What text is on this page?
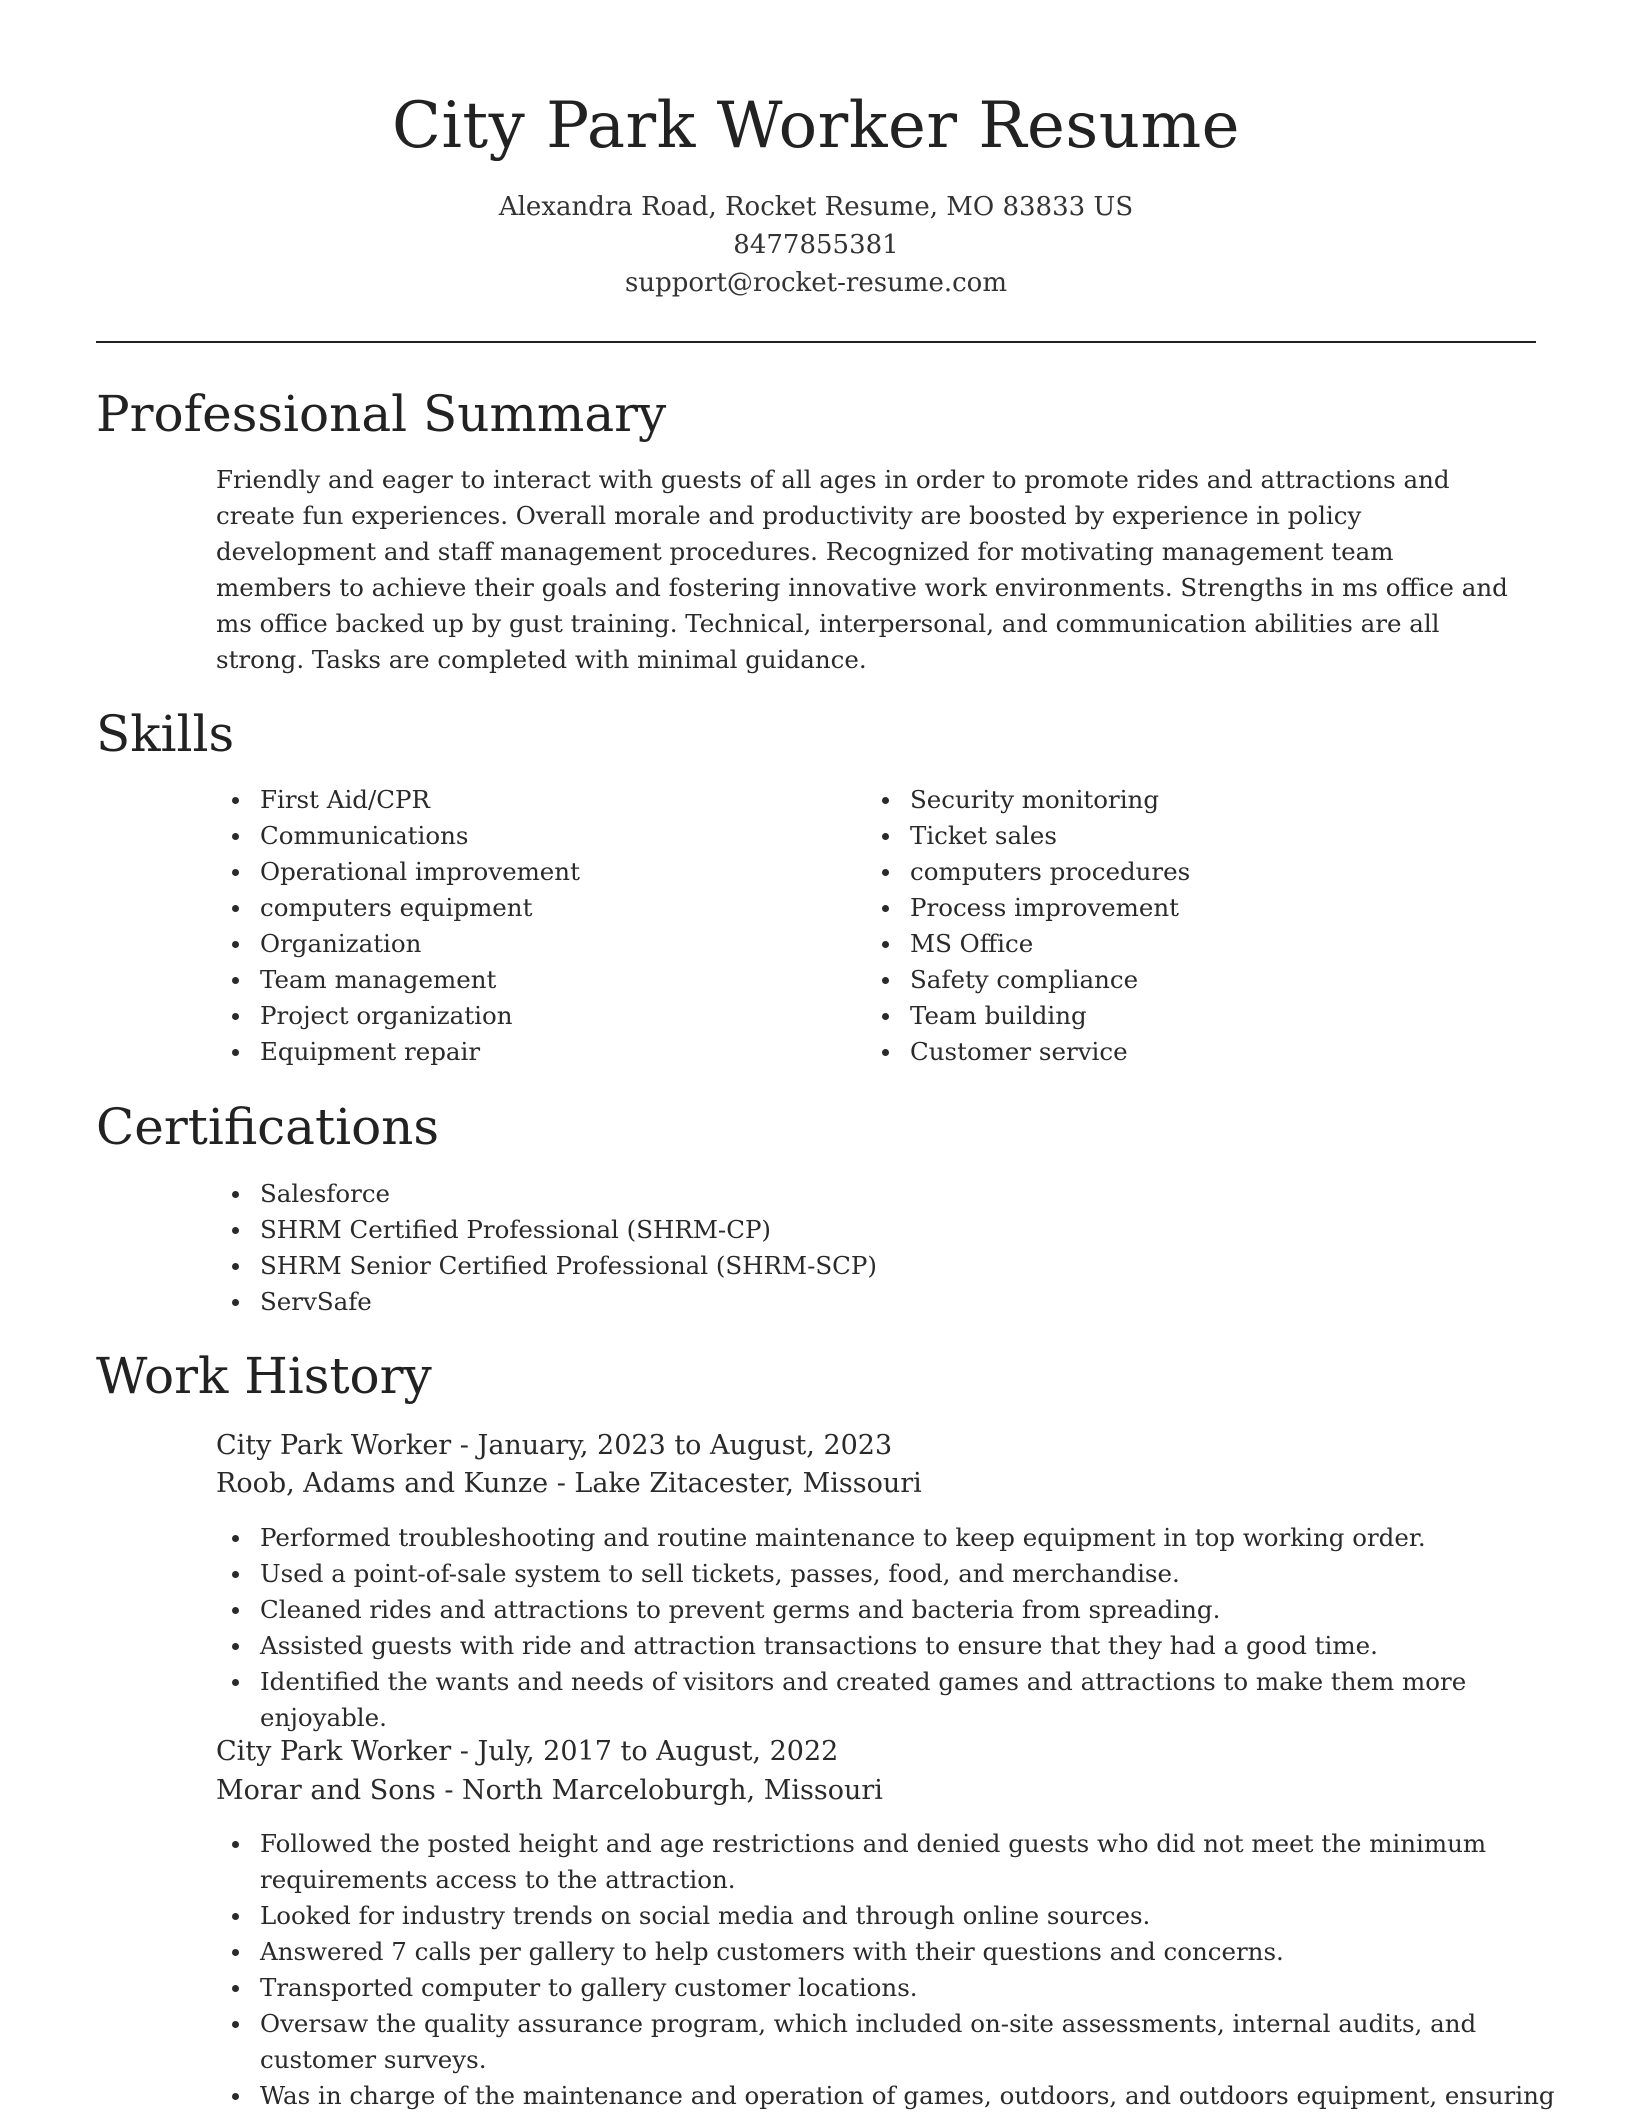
City Park Worker Resume
Alexandra Road, Rocket Resume, MO 83833 US
8477855381
support@rocket-resume.com
Professional Summary

Friendly and eager to interact with guests of all ages in order to promote rides and attractions and create fun experiences. Overall morale and productivity are boosted by experience in policy development and staff management procedures. Recognized for motivating management team members to achieve their goals and fostering innovative work environments. Strengths in ms office and ms office backed up by gust training. Technical, interpersonal, and communication abilities are all strong. Tasks are completed with minimal guidance.

Skills
First Aid/CPR
Communications
Operational improvement
computers equipment
Organization
Team management
Project organization
Equipment repair
Security monitoring
Ticket sales
computers procedures
Process improvement
MS Office
Safety compliance
Team building
Customer service
Certifications
Salesforce
SHRM Certified Professional (SHRM-CP)
SHRM Senior Certified Professional (SHRM-SCP)
ServSafe
Work History
City Park Worker - January, 2023 to August, 2023
Roob, Adams and Kunze - Lake Zitacester, Missouri
Performed troubleshooting and routine maintenance to keep equipment in top working order.
Used a point-of-sale system to sell tickets, passes, food, and merchandise.
Cleaned rides and attractions to prevent germs and bacteria from spreading.
Assisted guests with ride and attraction transactions to ensure that they had a good time.
Identified the wants and needs of visitors and created games and attractions to make them more enjoyable.
City Park Worker - July, 2017 to August, 2022
Morar and Sons - North Marceloburgh, Missouri
Followed the posted height and age restrictions and denied guests who did not meet the minimum requirements access to the attraction.
Looked for industry trends on social media and through online sources.
Answered 7 calls per gallery to help customers with their questions and concerns.
Transported computer to gallery customer locations.
Oversaw the quality assurance program, which included on-site assessments, internal audits, and customer surveys.
Was in charge of the maintenance and operation of games, outdoors, and outdoors equipment, ensuring
